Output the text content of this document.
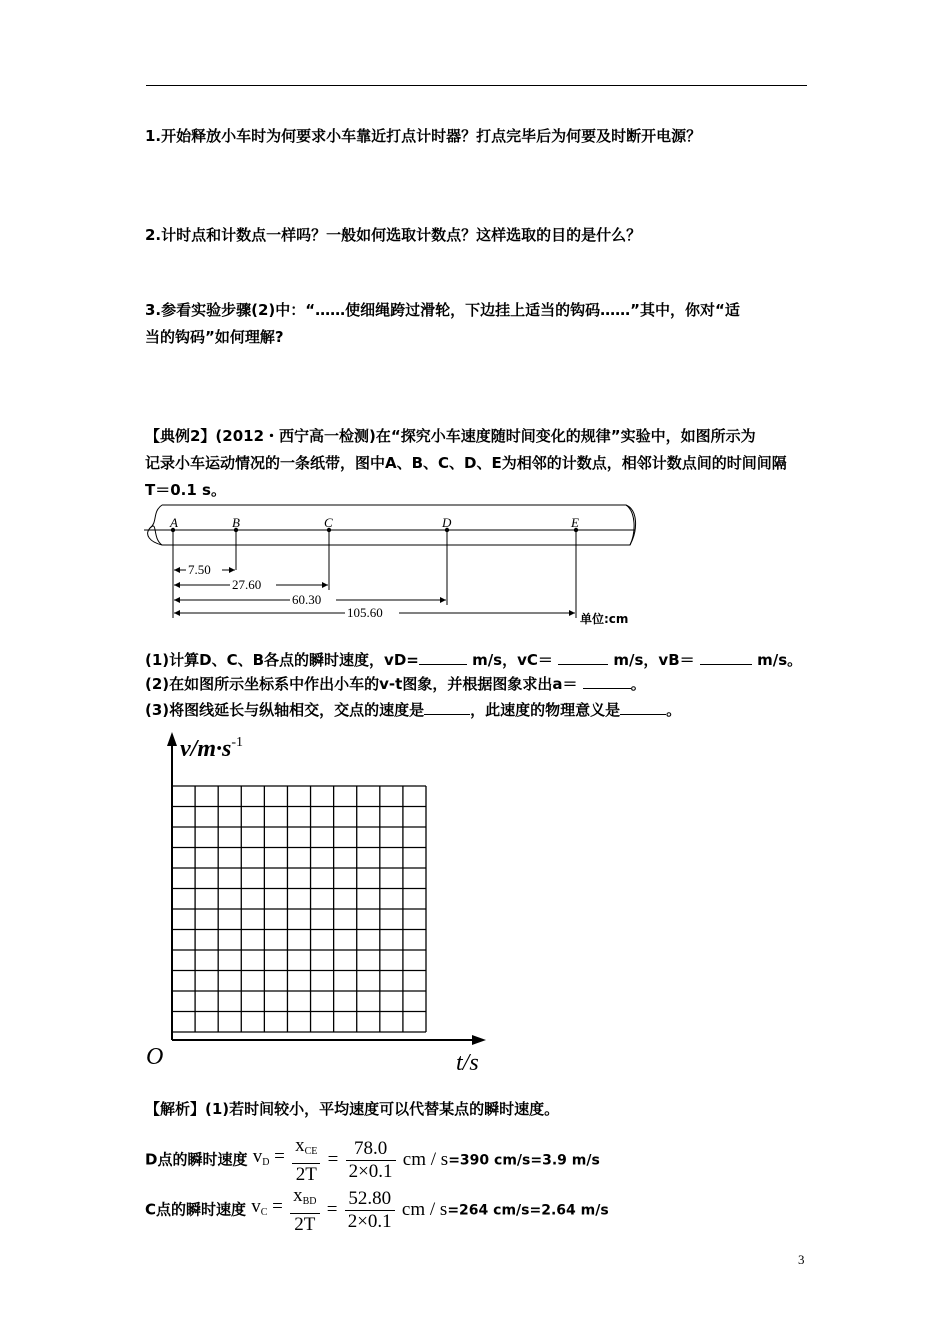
1.开始释放小车时为何要求小车靠近打点计时器？打点完毕后为何要及时断开电源？
2.计时点和计数点一样吗？一般如何选取计数点？这样选取的目的是什么？
3.参看实验步骤(2)中：“……使细绳跨过滑轮，下边挂上适当的钩码……”其中，你对“适
当的钩码”如何理解?
【典例2】(2012・西宁高一检测)在“探究小车速度随时间变化的规律”实验中，如图所示为
记录小车运动情况的一条纸带，图中A、B、C、D、E为相邻的计数点，相邻计数点间的时间间隔
T＝0.1 s。
A	B	C	D	E
7.50
27.60
60.30
105.60	单位:cm
(1)计算D、C、B各点的瞬时速度，vD=	m/s，vC＝	m/s，vB＝	m/s。
(2)在如图所示坐标系中作出小车的v-t图象，并根据图象求出a＝	。
(3)将图线延长与纵轴相交，交点的速度是	，此速度的物理意义是	。
$v/m\cdot s^{-1}$
t/s
O
【解析】(1)若时间较小，平均速度可以代替某点的瞬时速度。
D点的瞬时速度 $v_D = \frac{x_{CE}}{2T} = \frac{78.0}{2\times 0.1}$ cm / s=390 cm/s=3.9 m/s
C点的瞬时速度 $v_C = \frac{x_{BD}}{2T} = \frac{52.80}{2\times 0.1}$ cm / s=264 cm/s=2.64 m/s
3
